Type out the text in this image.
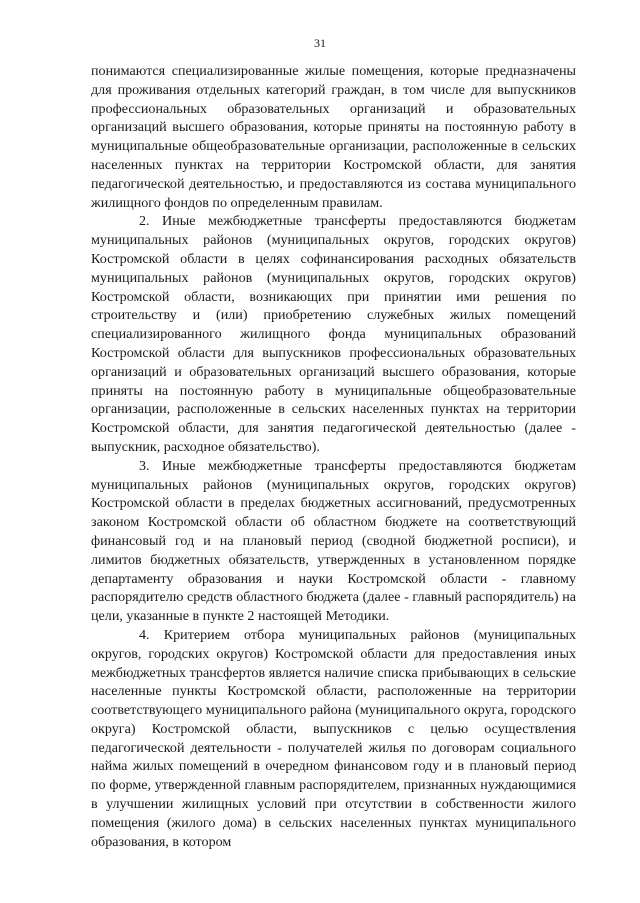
31

понимаются специализированные жилые помещения, которые предназначены для проживания отдельных категорий граждан, в том числе для выпускников профессиональных образовательных организаций и образовательных организаций высшего образования, которые приняты на постоянную работу в муниципальные общеобразовательные организации, расположенные в сельских населенных пунктах на территории Костромской области, для занятия педагогической деятельностью, и предоставляются из состава муниципального жилищного фондов по определенным правилам.

2. Иные межбюджетные трансферты предоставляются бюджетам муниципальных районов (муниципальных округов, городских округов) Костромской области в целях софинансирования расходных обязательств муниципальных районов (муниципальных округов, городских округов) Костромской области, возникающих при принятии ими решения по строительству и (или) приобретению служебных жилых помещений специализированного жилищного фонда муниципальных образований Костромской области для выпускников профессиональных образовательных организаций и образовательных организаций высшего образования, которые приняты на постоянную работу в муниципальные общеобразовательные организации, расположенные в сельских населенных пунктах на территории Костромской области, для занятия педагогической деятельностью (далее - выпускник, расходное обязательство).

3. Иные межбюджетные трансферты предоставляются бюджетам муниципальных районов (муниципальных округов, городских округов) Костромской области в пределах бюджетных ассигнований, предусмотренных законом Костромской области об областном бюджете на соответствующий финансовый год и на плановый период (сводной бюджетной росписи), и лимитов бюджетных обязательств, утвержденных в установленном порядке департаменту образования и науки Костромской области - главному распорядителю средств областного бюджета (далее - главный распорядитель) на цели, указанные в пункте 2 настоящей Методики.

4. Критерием отбора муниципальных районов (муниципальных округов, городских округов) Костромской области для предоставления иных межбюджетных трансфертов является наличие списка прибывающих в сельские населенные пункты Костромской области, расположенные на территории соответствующего муниципального района (муниципального округа, городского округа) Костромской области, выпускников с целью осуществления педагогической деятельности - получателей жилья по договорам социального найма жилых помещений в очередном финансовом году и в плановый период по форме, утвержденной главным распорядителем, признанных нуждающимися в улучшении жилищных условий при отсутствии в собственности жилого помещения (жилого дома) в сельских населенных пунктах муниципального образования, в котором
